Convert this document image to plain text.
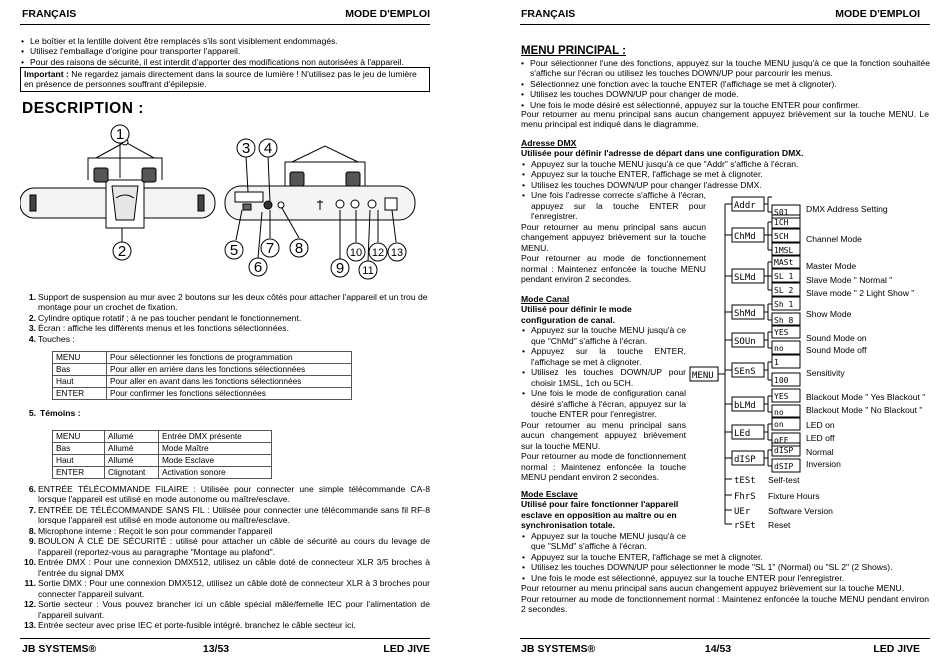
FRANÇAIS	MODE D'EMPLOI
• Le boîtier et la lentille doivent être remplacés s'ils sont visiblement endommagés.
• Utilisez l'emballage d'origine pour transporter l'appareil.
• Pour des raisons de sécurité, il est interdit d'apporter des modifications non autorisées à l'appareil.
Important : Ne regardez jamais directement dans la source de lumière ! N'utilisez pas le jeu de lumière en présence de personnes souffrant d'épilepsie.
DESCRIPTION :
1
2
3 4
5
6
7 8
9
10
11
12 13
1. Support de suspension au mur avec 2 boutons sur les deux côtés pour attacher l'appareil et un trou de montage pour un crochet de fixation.
2. Cylindre optique rotatif ; à ne pas toucher pendant le fonctionnement.
3. Écran : affiche les différents menus et les fonctions sélectionnées.
4. Touches :
MENU	Pour sélectionner les fonctions de programmation
Bas	Pour aller en arrière dans les fonctions sélectionnées
Haut	Pour aller en avant dans les fonctions sélectionnées
ENTER	Pour confirmer les fonctions sélectionnées
5. Témoins :
MENU	Allumé	Entrée DMX présente
Bas	Allumé	Mode Maître
Haut	Allumé	Mode Esclave
ENTER	Clignotant	Activation sonore
6. ENTRÉE TÉLÉCOMMANDE FILAIRE : Utilisée pour connecter une simple télécommande CA-8 lorsque l'appareil est utilisé en mode autonome ou maître/esclave.
7. ENTRÉE DE TÉLÉCOMMANDE SANS FIL : Utilisée pour connecter une télécommande sans fil RF-8 lorsque l'appareil est utilisé en mode autonome ou maître/esclave.
8. Microphone interne : Reçoit le son pour commander l'appareil
9. BOULON À CLÉ DE SÉCURITÉ : utilisé pour attacher un câble de sécurité au cours du levage de l'appareil (reportez-vous au paragraphe "Montage au plafond".
10. Entrée DMX : Pour une connexion DMX512, utilisez un câble doté de connecteur XLR 3/5 broches à l'entrée du signal DMX
11. Sortie DMX : Pour une connexion DMX512, utilisez un câble doté de connecteur XLR à 3 broches pour connecter l'appareil suivant.
12. Sortie secteur : Vous pouvez brancher ici un câble spécial mâle/femelle IEC pour l'alimentation de l'appareil suivant.
13. Entrée secteur avec prise IEC et porte-fusible intégré. branchez le câble secteur ici.
JB SYSTEMS®	13/53	LED JIVE
FRANÇAIS	MODE D'EMPLOI
MENU PRINCIPAL :
• Pour sélectionner l'une des fonctions, appuyez sur la touche MENU jusqu'à ce que la fonction souhaitée s'affiche sur l'écran ou utilisez les touches DOWN/UP pour parcourir les menus.
• Sélectionnez une fonction avec la touche ENTER (l'affichage se met à clignoter).
• Utilisez les touches DOWN/UP pour changer de mode.
• Une fois le mode désiré est sélectionné, appuyez sur la touche ENTER pour confirmer.
Pour retourner au menu principal sans aucun changement appuyez brièvement sur la touche MENU. Le menu principal est indiqué dans le diagramme.
Adresse DMX
Utilisée pour définir l'adresse de départ dans une configuration DMX.
• Appuyez sur la touche MENU jusqu'à ce que "Addr" s'affiche à l'écran.
• Appuyez sur la touche ENTER, l'affichage se met à clignoter.
• Utilisez les touches DOWN/UP pour changer l'adresse DMX.
• Une fois l'adresse correcte s'affiche à l'écran, appuyez sur la touche ENTER pour l'enregistrer.
Pour retourner au menu principal sans aucun changement appuyez brièvement sur la touche MENU.
Pour retourner au mode de fonctionnement normal : Maintenez enfoncée la touche MENU pendant environ 2 secondes.
Mode Canal
Utilisé pour définir le mode configuration de canal.
• Appuyez sur la touche MENU jusqu'à ce que "ChMd" s'affiche à l'écran.
• Appuyez sur la touche ENTER, l'affichage se met à clignoter.
• Utilisez les touches DOWN/UP pour choisir 1MSL, 1ch ou 5CH.
• Une fois le mode de configuration canal désiré s'affiche à l'écran, appuyez sur la touche ENTER pour l'enregistrer.
Pour retourner au menu principal sans aucun changement appuyez brièvement sur la touche MENU.
Pour retourner au mode de fonctionnement normal : Maintenez enfoncée la touche MENU pendant environ 2 secondes.
Mode Esclave
Utilisé pour faire fonctionner l'appareil esclave en opposition au maître ou en synchronisation totale.
• Appuyez sur la touche MENU jusqu'à ce que "SLMd" s'affiche à l'écran.
• Appuyez sur la touche ENTER, l'affichage se met à clignoter.
• Utilisez les touches DOWN/UP pour sélectionner le mode "SL 1" (Normal) ou "SL 2" (2 Shows).
• Une fois le mode est sélectionné, appuyez sur la touche ENTER pour l'enregistrer.
Pour retourner au menu principal sans aucun changement appuyez brièvement sur la touche MENU.
Pour retourner au mode de fonctionnement normal : Maintenez enfoncée la touche MENU pendant environ 2 secondes.
MENU
Addr
ChMd
SLMd
ShMd
SOUn
SEnS
bLMd
LEd
dISP
tESt
FhrS
UEr
rSEt
S01
1CH
5CH
1MSL
MASt
SL 1
SL 2
Sh 1
Sh 8
YES
no
1
100
YES
no
on
oFF
dISP
dSIP
DMX Address Setting
Channel Mode
Master Mode
Slave Mode " Normal "
Slave mode " 2 Light Show "
Show Mode
Sound Mode on
Sound Mode off
Sensitivity
Blackout Mode " Yes Blackout "
Blackout Mode " No Blackout "
LED on
LED off
Normal
Inversion
Self-test
Fixture Hours
Software Version
Reset
JB SYSTEMS®	14/53	LED JIVE
